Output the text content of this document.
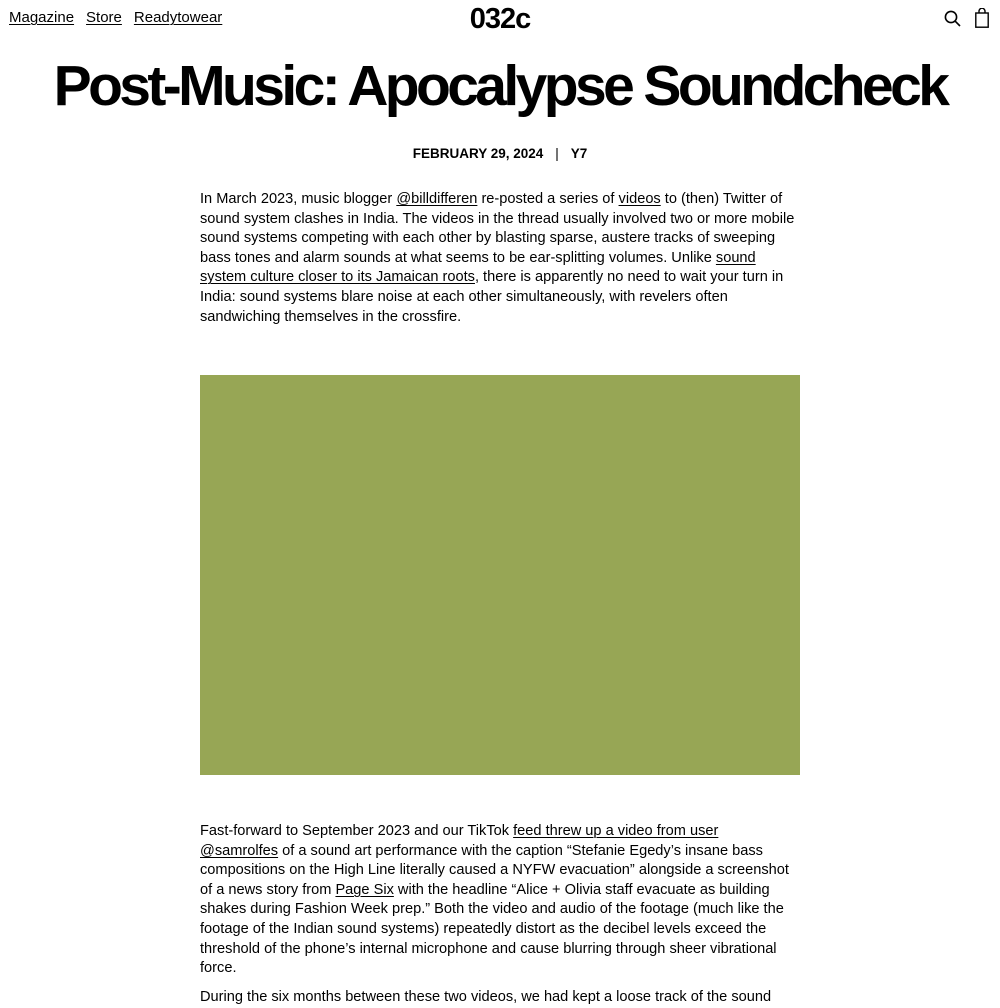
Magazine Store Readytowear	032c
Post-Music: Apocalypse Soundcheck
FEBRUARY 29, 2024 | Y7

In March 2023, music blogger @billdifferen re-posted a series of videos to (then) Twitter of sound system clashes in India. The videos in the thread usually involved two or more mobile sound systems competing with each other by blasting sparse, austere tracks of sweeping bass tones and alarm sounds at what seems to be ear-splitting volumes. Unlike sound system culture closer to its Jamaican roots, there is apparently no need to wait your turn in India: sound systems blare noise at each other simultaneously, with revelers often sandwiching themselves in the crossfire.

Fast-forward to September 2023 and our TikTok feed threw up a video from user @samrolfes of a sound art performance with the caption “Stefanie Egedy’s insane bass compositions on the High Line literally caused a NYFW evacuation” alongside a screenshot of a news story from Page Six with the headline “Alice + Olivia staff evacuate as building shakes during Fashion Week prep.” Both the video and audio of the footage (much like the footage of the Indian sound systems) repeatedly distort as the decibel levels exceed the threshold of the phone’s internal microphone and cause blurring through sheer vibrational force.

During the six months between these two videos, we had kept a loose track of the sound
